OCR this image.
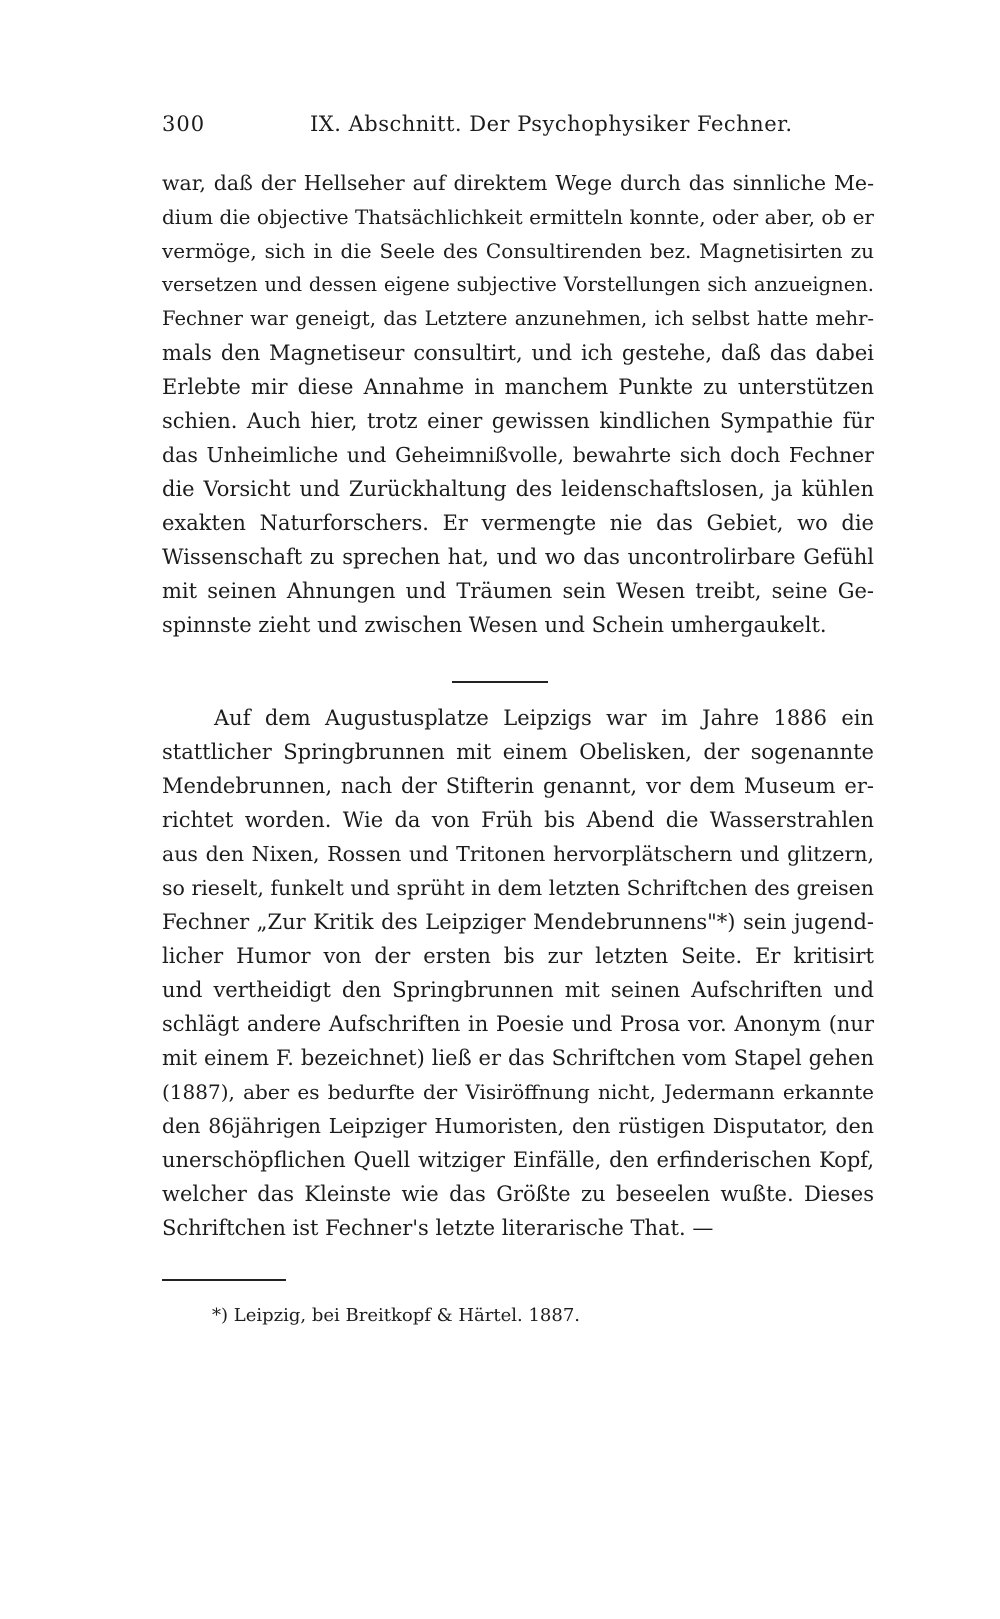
300	IX. Abschnitt. Der Psychophysiker Fechner.
war, daß der Hellseher auf direktem Wege durch das sinnliche Me-
dium die objective Thatsächlichkeit ermitteln konnte, oder aber, ob er
vermöge, sich in die Seele des Consultirenden bez. Magnetisirten zu
versetzen und dessen eigene subjective Vorstellungen sich anzueignen.
Fechner war geneigt, das Letztere anzunehmen, ich selbst hatte mehr-
mals den Magnetiseur consultirt, und ich gestehe, daß das dabei
Erlebte mir diese Annahme in manchem Punkte zu unterstützen
schien. Auch hier, trotz einer gewissen kindlichen Sympathie für
das Unheimliche und Geheimnißvolle, bewahrte sich doch Fechner
die Vorsicht und Zurückhaltung des leidenschaftslosen, ja kühlen
exakten Naturforschers. Er vermengte nie das Gebiet, wo die
Wissenschaft zu sprechen hat, und wo das uncontrolirbare Gefühl
mit seinen Ahnungen und Träumen sein Wesen treibt, seine Ge-
spinnste zieht und zwischen Wesen und Schein umhergaukelt.
Auf dem Augustusplatze Leipzigs war im Jahre 1886 ein
stattlicher Springbrunnen mit einem Obelisken, der sogenannte
Mendebrunnen, nach der Stifterin genannt, vor dem Museum er-
richtet worden. Wie da von Früh bis Abend die Wasserstrahlen
aus den Nixen, Rossen und Tritonen hervorplätschern und glitzern,
so rieselt, funkelt und sprüht in dem letzten Schriftchen des greisen
Fechner „Zur Kritik des Leipziger Mendebrunnens"*) sein jugend-
licher Humor von der ersten bis zur letzten Seite. Er kritisirt
und vertheidigt den Springbrunnen mit seinen Aufschriften und
schlägt andere Aufschriften in Poesie und Prosa vor. Anonym (nur
mit einem F. bezeichnet) ließ er das Schriftchen vom Stapel gehen
(1887), aber es bedurfte der Visiröffnung nicht, Jedermann erkannte
den 86jährigen Leipziger Humoristen, den rüstigen Disputator, den
unerschöpflichen Quell witziger Einfälle, den erfinderischen Kopf,
welcher das Kleinste wie das Größte zu beseelen wußte. Dieses
Schriftchen ist Fechner's letzte literarische That. —
*) Leipzig, bei Breitkopf & Härtel. 1887.
